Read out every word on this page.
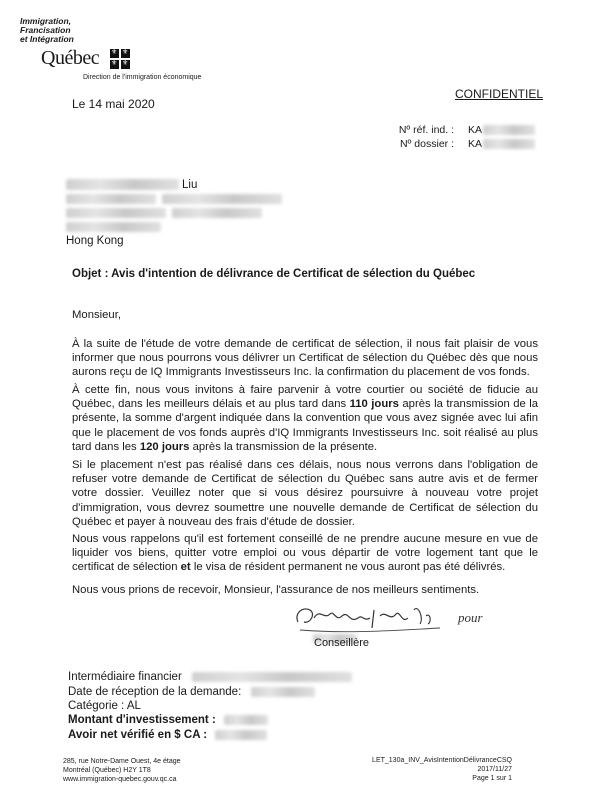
Immigration,
Francisation
et Intégration
Québec
⚜
⚜
⚜
⚜
Direction de l'immigration économique
Le 14 mai 2020
CONFIDENTIEL
Nº réf. ind. : KA
Nº dossier : KA
Liu
Hong Kong
Objet : Avis d'intention de délivrance de Certificat de sélection du Québec
Monsieur,
À la suite de l'étude de votre demande de certificat de sélection, il nous fait plaisir de vous informer que nous pourrons vous délivrer un Certificat de sélection du Québec dès que nous aurons reçu de IQ Immigrants Investisseurs Inc. la confirmation du placement de vos fonds.
À cette fin, nous vous invitons à faire parvenir à votre courtier ou société de fiducie au Québec, dans les meilleurs délais et au plus tard dans 110 jours après la transmission de la présente, la somme d'argent indiquée dans la convention que vous avez signée avec lui afin que le placement de vos fonds auprès d'IQ Immigrants Investisseurs Inc. soit réalisé au plus tard dans les 120 jours après la transmission de la présente.
Si le placement n'est pas réalisé dans ces délais, nous nous verrons dans l'obligation de refuser votre demande de Certificat de sélection du Québec sans autre avis et de fermer votre dossier. Veuillez noter que si vous désirez poursuivre à nouveau votre projet d'immigration, vous devrez soumettre une nouvelle demande de Certificat de sélection du Québec et payer à nouveau des frais d'étude de dossier.
Nous vous rappelons qu'il est fortement conseillé de ne prendre aucune mesure en vue de liquider vos biens, quitter votre emploi ou vous départir de votre logement tant que le certificat de sélection et le visa de résident permanent ne vous auront pas été délivrés.
Nous vous prions de recevoir, Monsieur, l'assurance de nos meilleurs sentiments.
pour
Conseillère
Intermédiaire financier
Date de réception de la demande:
Catégorie : AL
Montant d'investissement :
Avoir net vérifié en $ CA :
285, rue Notre-Dame Ouest, 4e étage
Montréal (Québec) H2Y 1T8
www.immigration-quebec.gouv.qc.ca
LET_130a_INV_AvisIntentionDélivranceCSQ
2017/11/27
Page 1 sur 1
